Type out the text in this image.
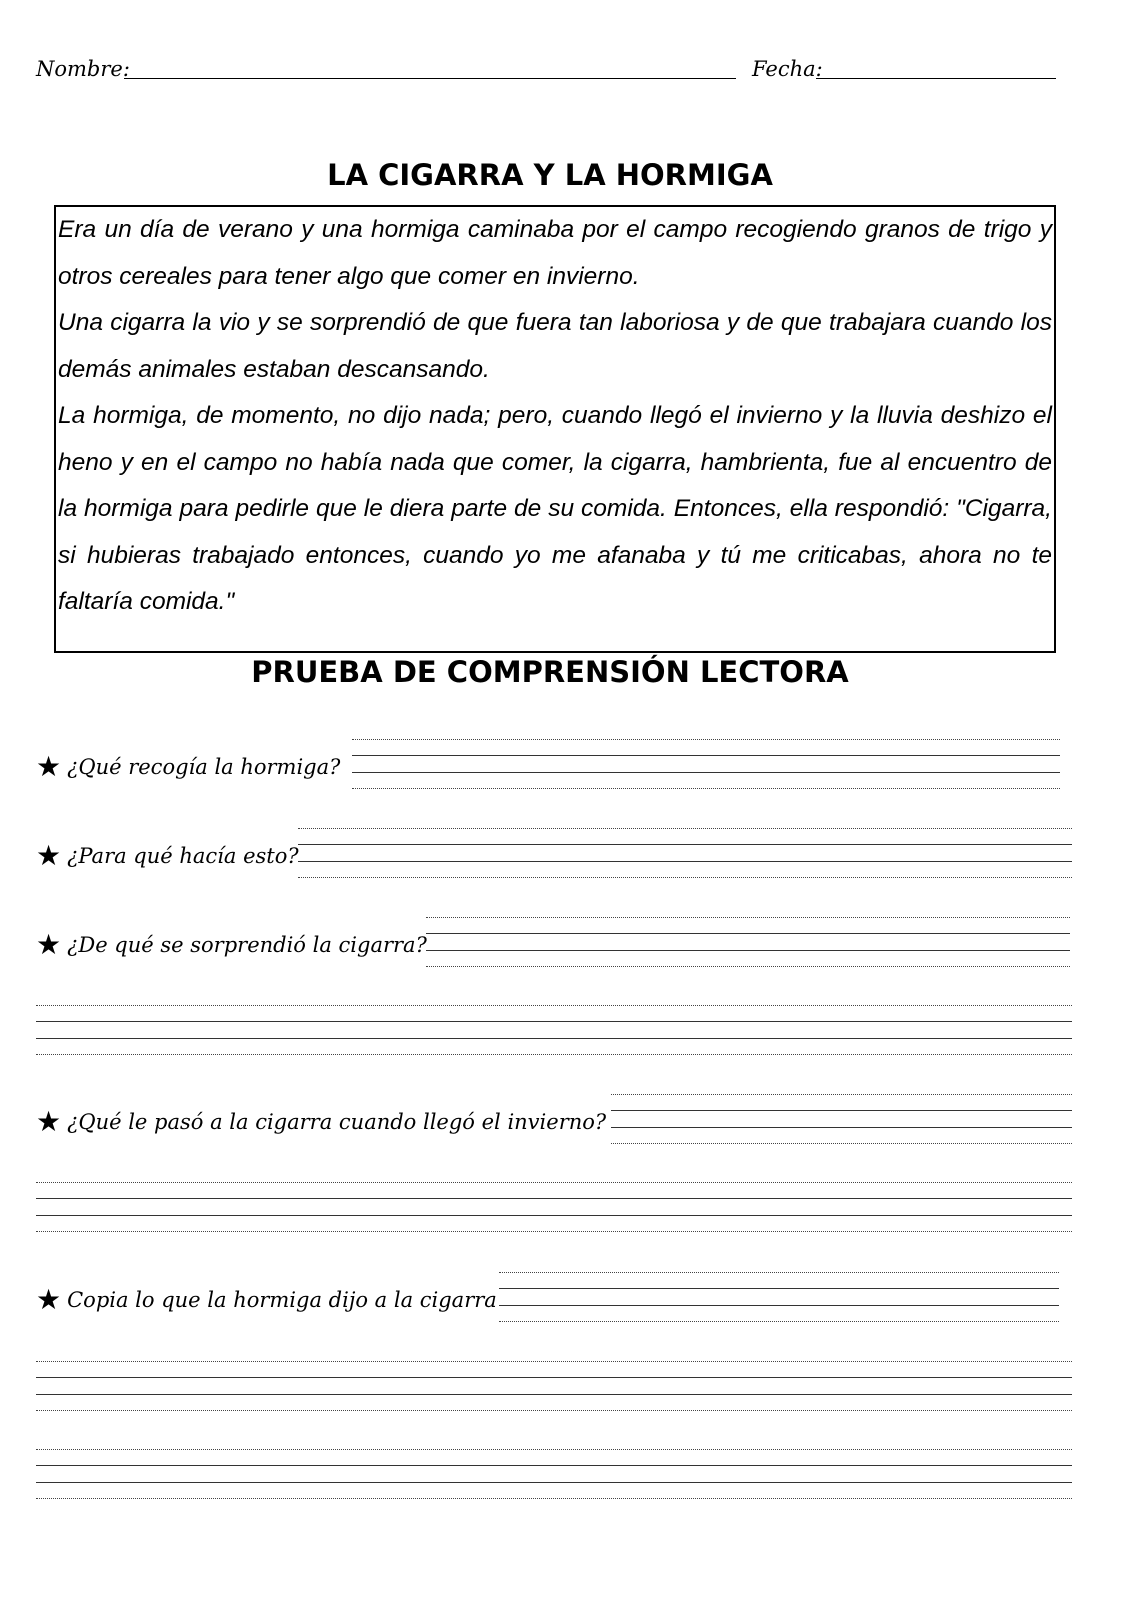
Nombre:	Fecha:
LA CIGARRA Y LA HORMIGA

Era un día de verano y una hormiga caminaba por el campo recogiendo granos de trigo y otros cereales para tener algo que comer en invierno.

Una cigarra la vio y se sorprendió de que fuera tan laboriosa y de que trabajara cuando los demás animales estaban descansando.

La hormiga, de momento, no dijo nada; pero, cuando llegó el invierno y la lluvia deshizo el heno y en el campo no había nada que comer, la cigarra, hambrienta, fue al encuentro de la hormiga para pedirle que le diera parte de su comida. Entonces, ella respondió: "Cigarra, si hubieras trabajado entonces, cuando yo me afanaba y tú me criticabas, ahora no te faltaría comida."

PRUEBA DE COMPRENSIÓN LECTORA
★ ¿Qué recogía la hormiga?
★ ¿Para qué hacía esto?
★ ¿De qué se sorprendió la cigarra?
★ ¿Qué le pasó a la cigarra cuando llegó el invierno?
★ Copia lo que la hormiga dijo a la cigarra
